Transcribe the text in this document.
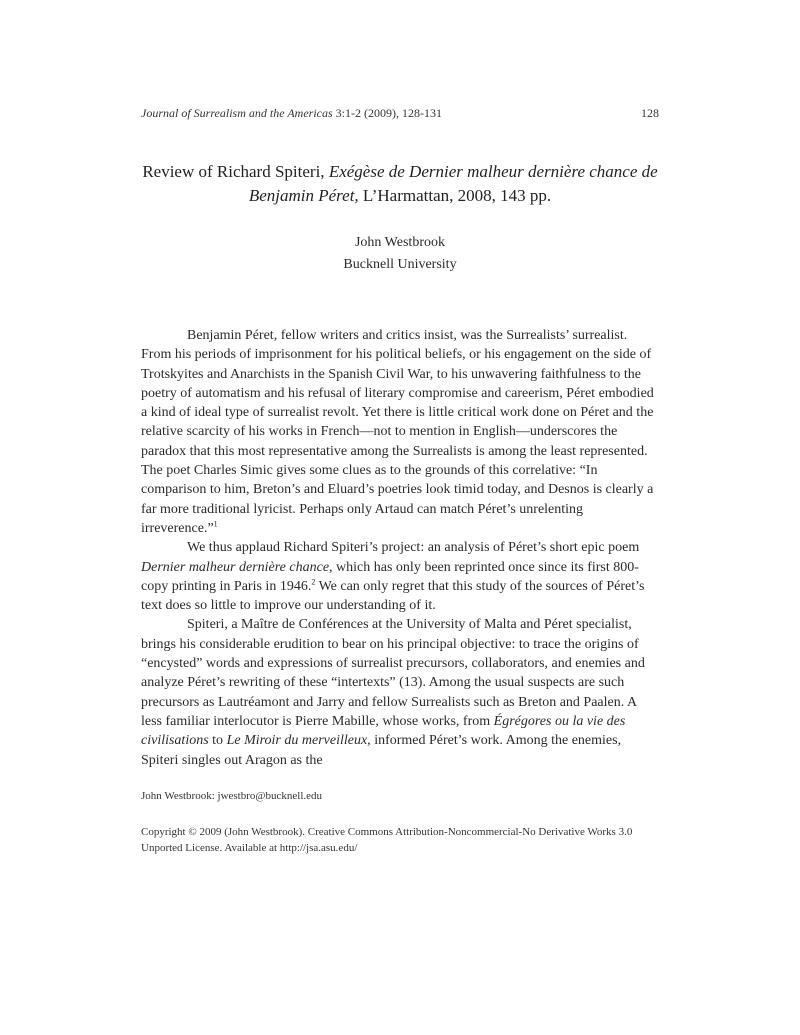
Journal of Surrealism and the Americas 3:1-2 (2009), 128-131	128
Review of Richard Spiteri, Exégèse de Dernier malheur dernière chance de Benjamin Péret, L’Harmattan, 2008, 143 pp.
John Westbrook
Bucknell University

Benjamin Péret, fellow writers and critics insist, was the Surrealists’ surrealist. From his periods of imprisonment for his political beliefs, or his engagement on the side of Trotskyites and Anarchists in the Spanish Civil War, to his unwavering faithfulness to the poetry of automatism and his refusal of literary compromise and careerism, Péret embodied a kind of ideal type of surrealist revolt. Yet there is little critical work done on Péret and the relative scarcity of his works in French—not to mention in English—underscores the paradox that this most representative among the Surrealists is among the least represented. The poet Charles Simic gives some clues as to the grounds of this correlative: “In comparison to him, Breton’s and Eluard’s poetries look timid today, and Desnos is clearly a far more traditional lyricist. Perhaps only Artaud can match Péret’s unrelenting irreverence.”$^1$

We thus applaud Richard Spiteri’s project: an analysis of Péret’s short epic poem Dernier malheur dernière chance, which has only been reprinted once since its first 800-copy printing in Paris in 1946.$^2$ We can only regret that this study of the sources of Péret’s text does so little to improve our understanding of it.

Spiteri, a Maître de Conférences at the University of Malta and Péret specialist, brings his considerable erudition to bear on his principal objective: to trace the origins of “encysted” words and expressions of surrealist precursors, collaborators, and enemies and analyze Péret’s rewriting of these “intertexts” (13). Among the usual suspects are such precursors as Lautréamont and Jarry and fellow Surrealists such as Breton and Paalen. A less familiar interlocutor is Pierre Mabille, whose works, from Égrégores ou la vie des civilisations to Le Miroir du merveilleux, informed Péret’s work. Among the enemies, Spiteri singles out Aragon as the

John Westbrook: jwestbro@bucknell.edu
Copyright © 2009 (John Westbrook). Creative Commons Attribution-Noncommercial-No Derivative Works 3.0 Unported License. Available at http://jsa.asu.edu/
